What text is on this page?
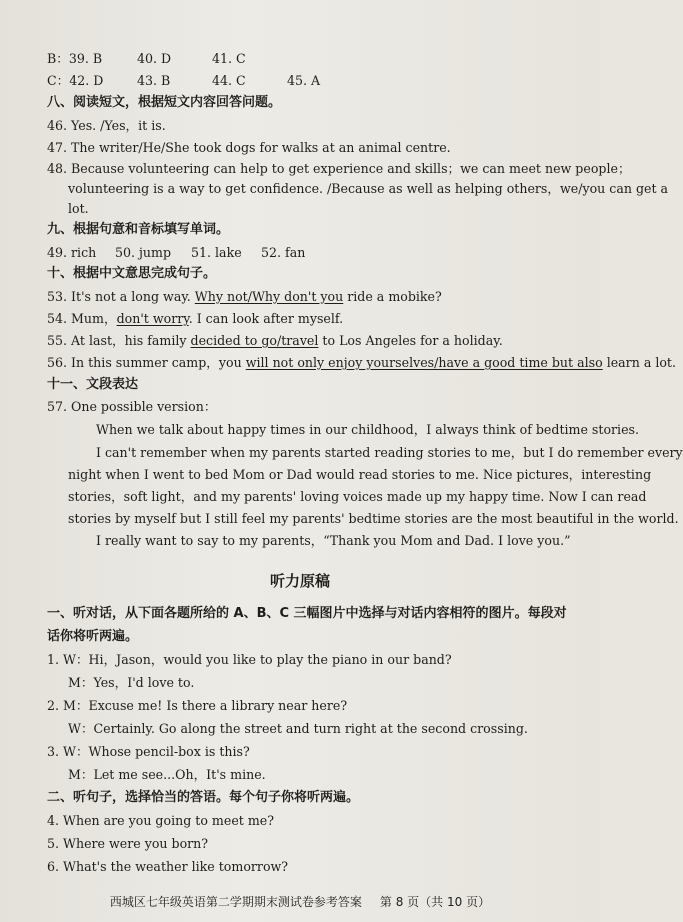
B：39. B	40. D	41. C
C：42. D	43. B	44. C	45. A
八、阅读短文，根据短文内容回答问题。
46. Yes. /Yes，it is.
47. The writer/He/She took dogs for walks at an animal centre.
48. Because volunteering can help to get experience and skills；we can meet new people；
volunteering is a way to get confidence. /Because as well as helping others，we/you can get a
lot.
九、根据句意和音标填写单词。
49. rich 50. jump 51. lake 52. fan
十、根据中文意思完成句子。
53. It's not a long way. Why not/Why don't you ride a mobike?
54. Mum，don't worry. I can look after myself.
55. At last，his family decided to go/travel to Los Angeles for a holiday.
56. In this summer camp，you will not only enjoy yourselves/have a good time but also learn a lot.
十一、文段表达
57. One possible version：
When we talk about happy times in our childhood，I always think of bedtime stories.
I can't remember when my parents started reading stories to me，but I do remember every
night when I went to bed Mom or Dad would read stories to me. Nice pictures，interesting
stories，soft light，and my parents' loving voices made up my happy time. Now I can read
stories by myself but I still feel my parents' bedtime stories are the most beautiful in the world.
I really want to say to my parents，“Thank you Mom and Dad. I love you.”
听力原稿
一、听对话，从下面各题所给的 A、B、C 三幅图片中选择与对话内容相符的图片。每段对
话你将听两遍。
1. W：Hi，Jason，would you like to play the piano in our band?
M：Yes，I'd love to.
2. M：Excuse me! Is there a library near here?
W：Certainly. Go along the street and turn right at the second crossing.
3. W：Whose pencil-box is this?
M：Let me see...Oh，It's mine.
二、听句子，选择恰当的答语。每个句子你将听两遍。
4. When are you going to meet me?
5. Where were you born?
6. What's the weather like tomorrow?
西城区七年级英语第二学期期末测试卷参考答案 第 8 页（共 10 页）
